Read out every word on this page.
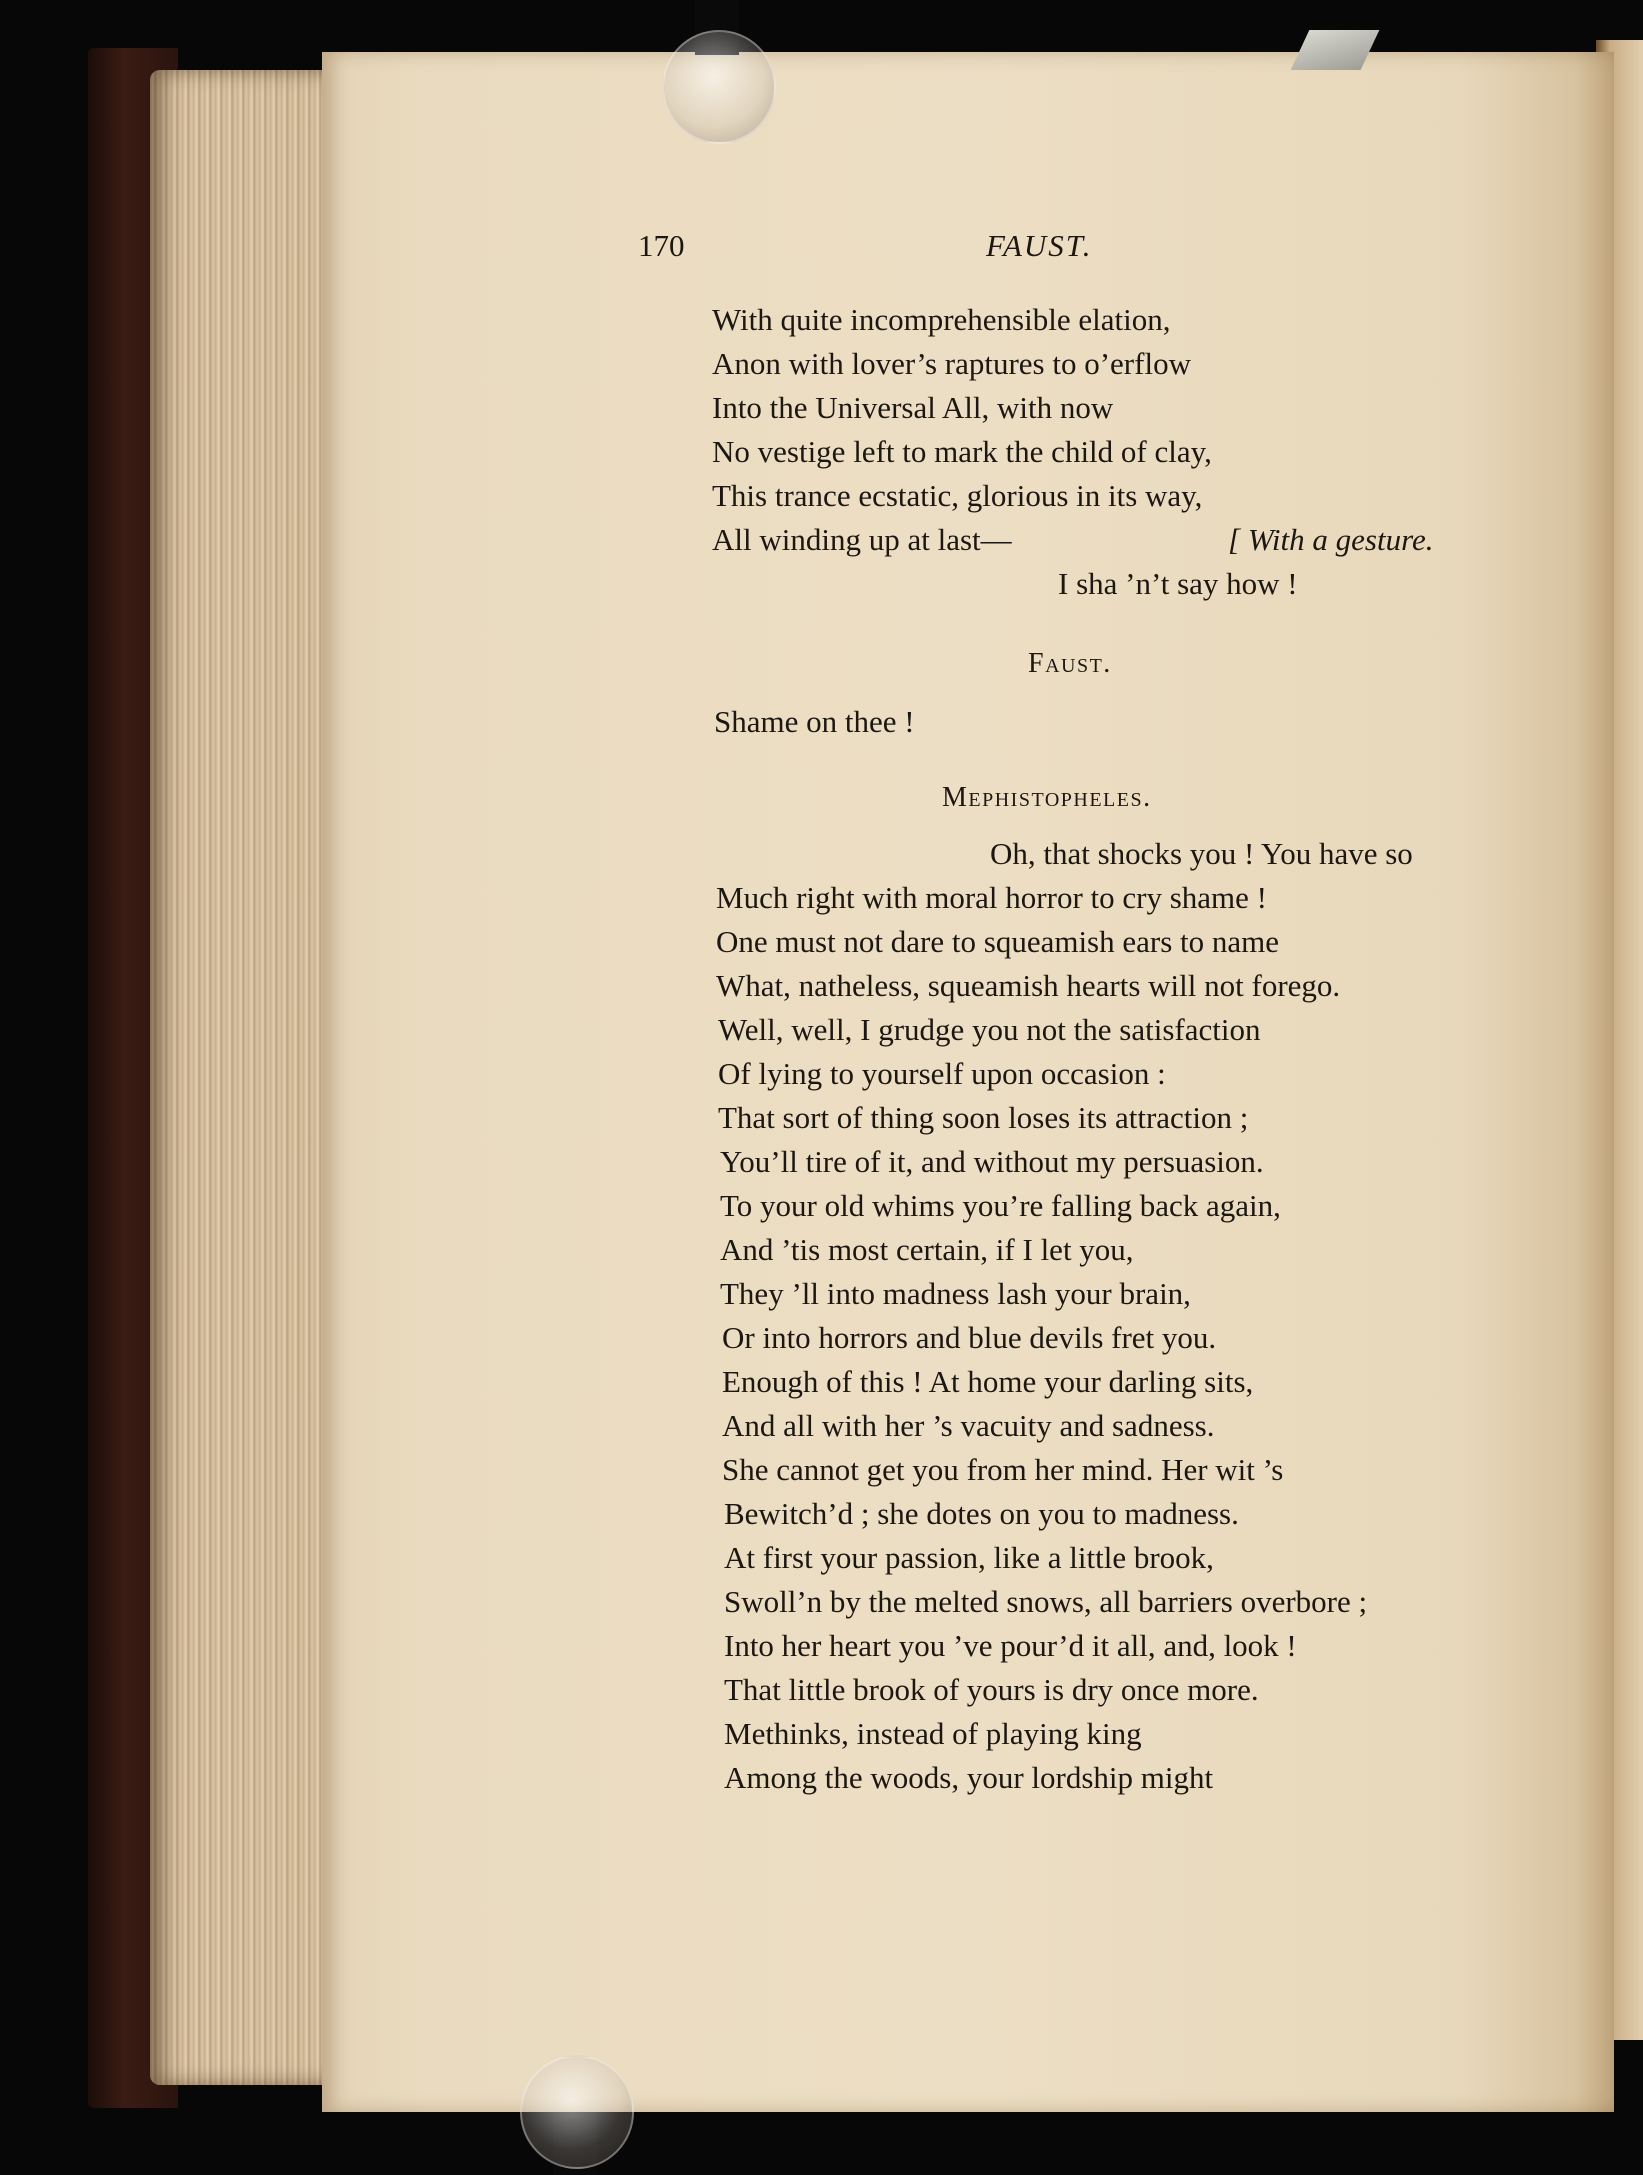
170	FAUST.
With quite incomprehensible elation,
Anon with lover’s raptures to o’erflow
Into the Universal All, with now
No vestige left to mark the child of clay,
This trance ecstatic, glorious in its way,
All winding up at last—	[ With a gesture.
I sha ’n’t say how !
Faust.
Shame on thee !
Mephistopheles.
Oh, that shocks you ! You have so
Much right with moral horror to cry shame !
One must not dare to squeamish ears to name
What, natheless, squeamish hearts will not forego.
Well, well, I grudge you not the satisfaction
Of lying to yourself upon occasion :
That sort of thing soon loses its attraction ;
You’ll tire of it, and without my persuasion.
To your old whims you’re falling back again,
And ’tis most certain, if I let you,
They ’ll into madness lash your brain,
Or into horrors and blue devils fret you.
Enough of this ! At home your darling sits,
And all with her ’s vacuity and sadness.
She cannot get you from her mind. Her wit ’s
Bewitch’d ; she dotes on you to madness.
At first your passion, like a little brook,
Swoll’n by the melted snows, all barriers overbore ;
Into her heart you ’ve pour’d it all, and, look !
That little brook of yours is dry once more.
Methinks, instead of playing king
Among the woods, your lordship might
